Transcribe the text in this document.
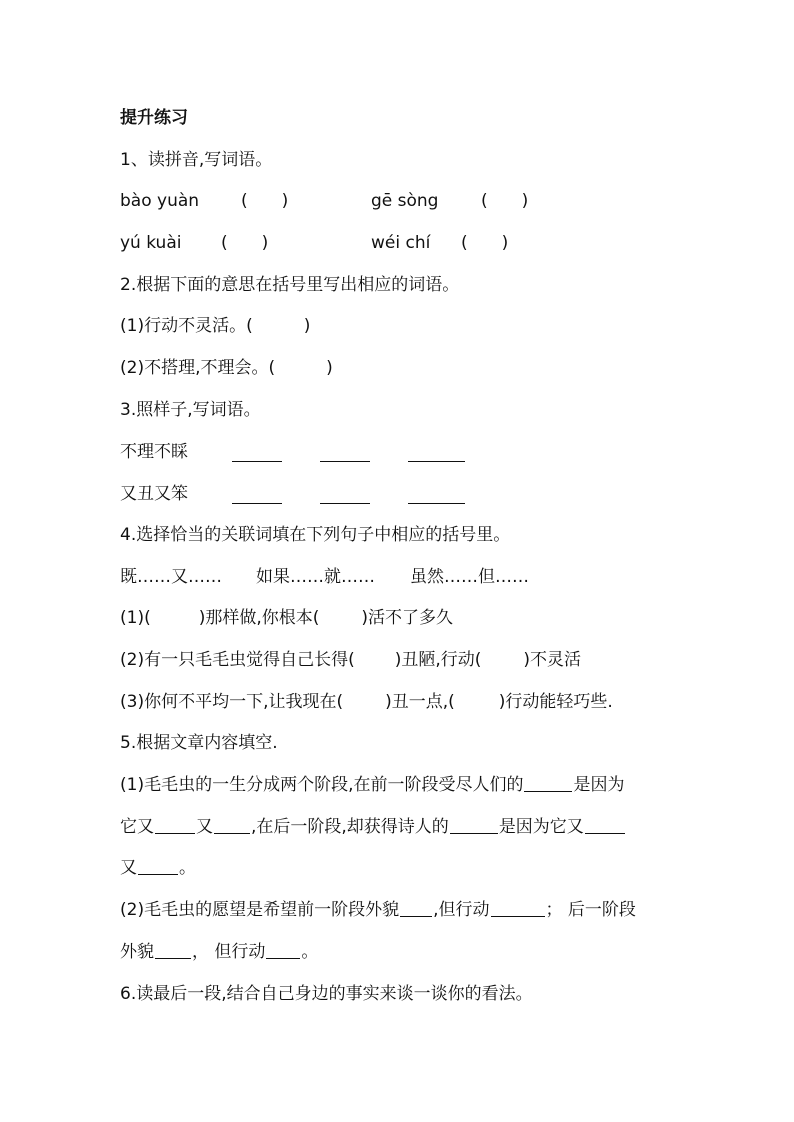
提升练习
1、读拼音,写词语。
bào yuàn (　　)	gē sòng	(　　)
yú kuài (　　)	wéi chí (　　)
2.根据下面的意思在括号里写出相应的词语。
(1)行动不灵活。(　　　)
(2)不搭理,不理会。(　　　)
3.照样子,写词语。
不理不睬
又丑又笨
4.选择恰当的关联词填在下列句子中相应的括号里。
既……又…… 如果……就…… 虽然……但……
(1)(	)那样做,你根本( )活不了多久
(2)有一只毛毛虫觉得自己长得( )丑陋,行动( )不灵活
(3)你何不平均一下,让我现在( )丑一点,(	)行动能轻巧些.
5.根据文章内容填空.
(1)毛毛虫的一生分成两个阶段,在前一阶段受尽人们的	是因为
它又 又 ,在后一阶段,却获得诗人的	是因为它又
又 。
(2)毛毛虫的愿望是希望前一阶段外貌 ,但行动	； 后一阶段
外貌 ， 但行动 。
6.读最后一段,结合自己身边的事实来谈一谈你的看法。
